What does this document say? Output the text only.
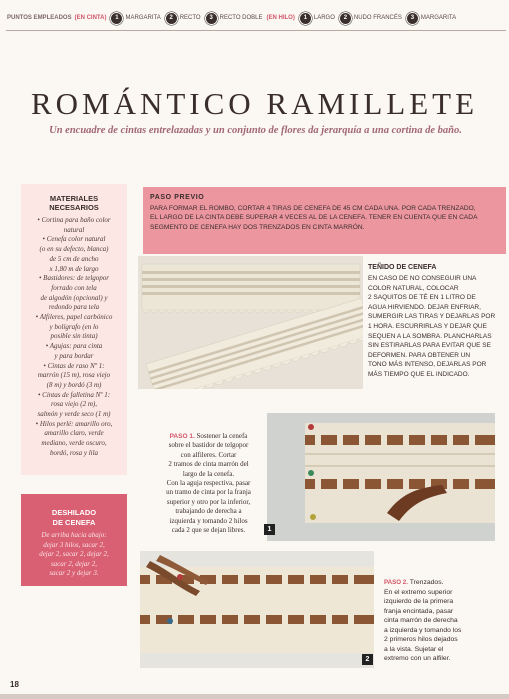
PUNTOS EMPLEADOS (EN CINTA)	1	MARGARITA	2	RECTO	3	RECTO DOBLE (EN HILO)	1	LARGO	2	NUDO FRANCÉS	3	MARGARITA
ROMÁNTICO RAMILLETE
Un encuadre de cintas entrelazadas y un conjunto de flores da jerarquía a una cortina de baño.
MATERIALES
NECESARIOS
• Cortina para baño color
natural
• Cenefa color natural
(o en su defecto, blanca)
de 5 cm de ancho
x 1,80 m de largo
• Bastidores: de telgopor
forrado con tela
de algodón (opcional) y
redondo para tela
• Alfileres, papel carbónico
y bolígrafo (en lo
posible sin tinta)
• Agujas: para cinta
y para bordar
• Cintas de raso Nº 1:
marrón (15 m), rosa viejo
(8 m) y bordó (3 m)
• Cintas de falletina Nº 1:
rosa viejo (2 m),
salmón y verde seco (1 m)
• Hilos perlé: amarillo oro,
amarillo claro, verde
mediano, verde oscuro,
bordó, rosa y lila
DESHILADO
DE CENEFA
De arriba hacia abajo:
dejar 3 hilos, sacar 2,
dejar 2, sacar 2, dejar 2,
sacar 2, dejar 2,
sacar 2 y dejar 3.
PASO PREVIO
PARA FORMAR EL ROMBO, CORTAR 4 TIRAS DE CENEFA DE 45 CM CADA UNA. POR CADA TRENZADO,
EL LARGO DE LA CINTA DEBE SUPERAR 4 VECES AL DE LA CENEFA. TENER EN CUENTA QUE EN CADA
SEGMENTO DE CENEFA HAY DOS TRENZADOS EN CINTA MARRÓN.
TEÑIDO DE CENEFA
EN CASO DE NO CONSEGUIR UNA
COLOR NATURAL, COLOCAR
2 SAQUITOS DE TÉ EN 1 LITRO DE
AGUA HIRVIENDO. DEJAR ENFRIAR,
SUMERGIR LAS TIRAS Y DEJARLAS POR
1 HORA. ESCURRIRLAS Y DEJAR QUE
SEQUEN A LA SOMBRA. PLANCHARLAS
SIN ESTIRARLAS PARA EVITAR QUE SE
DEFORMEN. PARA OBTENER UN
TONO MÁS INTENSO, DEJARLAS POR
MÁS TIEMPO QUE EL INDICADO.
PASO 1. Sostener la cenefa
sobre el bastidor de telgopor
con alfileres. Cortar
2 tramos de cinta marrón del
largo de la cenefa.
Con la aguja respectiva, pasar
un tramo de cinta por la franja
superior y otro por la inferior,
trabajando de derecha a
izquierda y tomando 2 hilos
cada 2 que se dejan libres.	1
2
PASO 2. Trenzados.
En el extremo superior
izquierdo de la primera
franja encintada, pasar
cinta marrón de derecha
a izquierda y tomando los
2 primeros hilos dejados
a la vista. Sujetar el
extremo con un alfiler.
18
